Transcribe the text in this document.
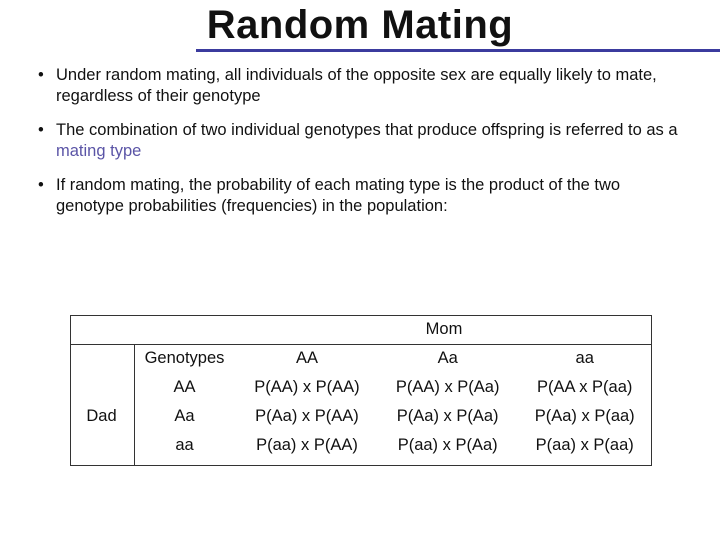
Random Mating
• Under random mating, all individuals of the opposite sex are equally likely to mate, regardless of their genotype
• The combination of two individual genotypes that produce offspring is referred to as a mating type
• If random mating, the probability of each mating type is the product of the two genotype probabilities (frequencies) in the population:
		Mom		
	Genotypes	AA	Aa	aa
	AA	P(AA) x P(AA)	P(AA) x P(Aa)	P(AA x P(aa)
Dad	Aa	P(Aa) x P(AA)	P(Aa) x P(Aa)	P(Aa) x P(aa)
	aa	P(aa) x P(AA)	P(aa) x P(Aa)	P(aa) x P(aa)
